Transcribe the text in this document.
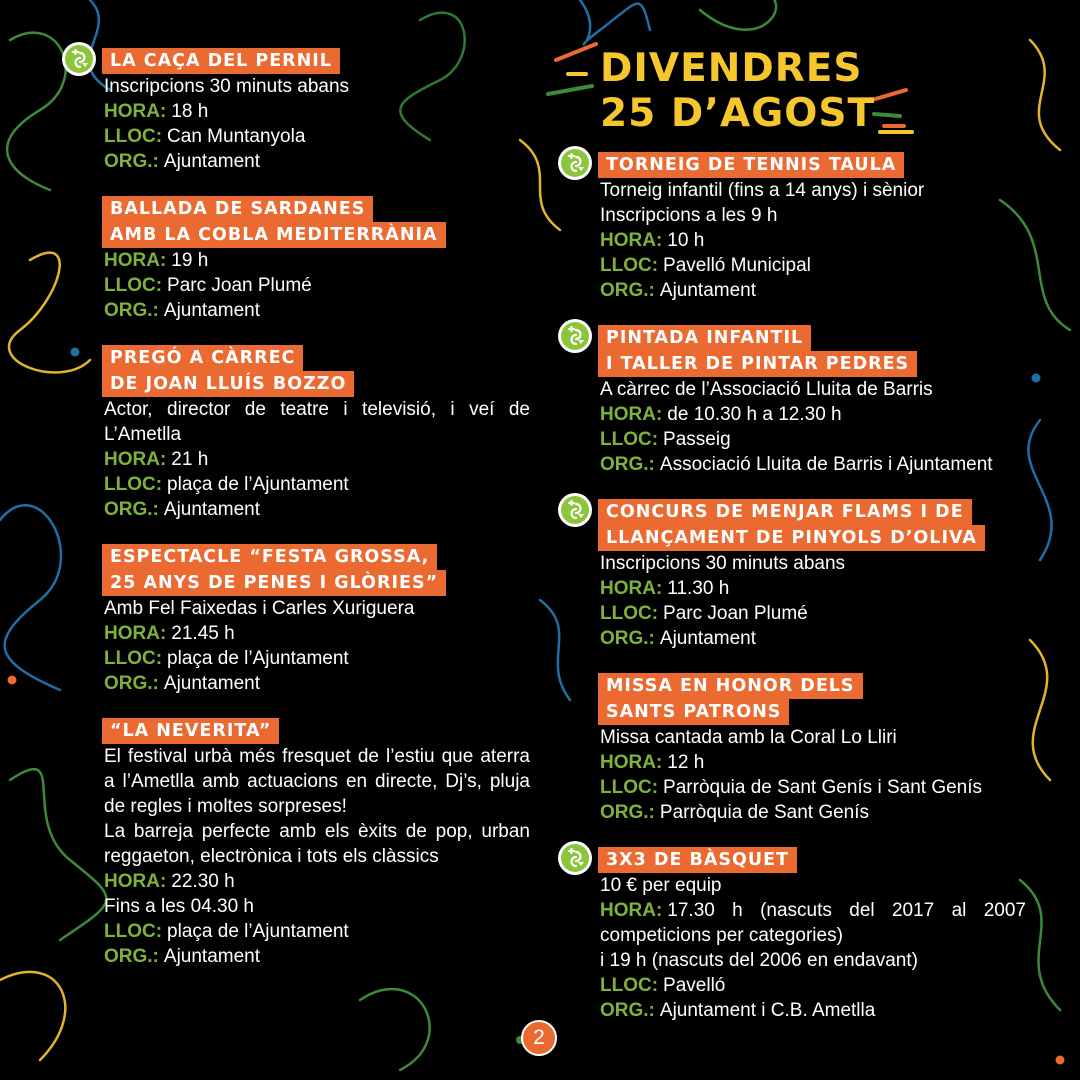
DIVENDRES
25 D’AGOST
LA CAÇA DEL PERNIL
Inscripcions 30 minuts abans
HORA: 18 h
LLOC: Can Muntanyola
ORG.: Ajuntament
BALLADA DE SARDANES
AMB LA COBLA MEDITERRÀNIA
HORA: 19 h
LLOC: Parc Joan Plumé
ORG.: Ajuntament
PREGÓ A CÀRREC
DE JOAN LLUÍS BOZZO
Actor, director de teatre i televisió, i veí de L’Ametlla
HORA: 21 h
LLOC: plaça de l’Ajuntament
ORG.: Ajuntament
ESPECTACLE “FESTA GROSSA,
25 ANYS DE PENES I GLÒRIES”
Amb Fel Faixedas i Carles Xuriguera
HORA: 21.45 h
LLOC: plaça de l’Ajuntament
ORG.: Ajuntament
“LA NEVERITA”
El festival urbà més fresquet de l’estiu que aterra a l’Ametlla amb actuacions en directe, Dj’s, pluja de regles i moltes sorpreses!
La barreja perfecte amb els èxits de pop, urban reggaeton, electrònica i tots els clàssics
HORA: 22.30 h
Fins a les 04.30 h
LLOC: plaça de l’Ajuntament
ORG.: Ajuntament
TORNEIG DE TENNIS TAULA
Torneig infantil (fins a 14 anys) i sènior
Inscripcions a les 9 h
HORA: 10 h
LLOC: Pavelló Municipal
ORG.: Ajuntament
PINTADA INFANTIL
I TALLER DE PINTAR PEDRES
A càrrec de l’Associació Lluita de Barris
HORA: de 10.30 h a 12.30 h
LLOC: Passeig
ORG.: Associació Lluita de Barris i Ajuntament
CONCURS DE MENJAR FLAMS I DE
LLANÇAMENT DE PINYOLS D’OLIVA
Inscripcions 30 minuts abans
HORA: 11.30 h
LLOC: Parc Joan Plumé
ORG.: Ajuntament
MISSA EN HONOR DELS
SANTS PATRONS
Missa cantada amb la Coral Lo Lliri
HORA: 12 h
LLOC: Parròquia de Sant Genís i Sant Genís
ORG.: Parròquia de Sant Genís
3X3 DE BÀSQUET
10 € per equip
HORA: 17.30 h (nascuts del 2017 al 2007 competicions per categories)
i 19 h (nascuts del 2006 en endavant)
LLOC: Pavelló
ORG.: Ajuntament i C.B. Ametlla
2
